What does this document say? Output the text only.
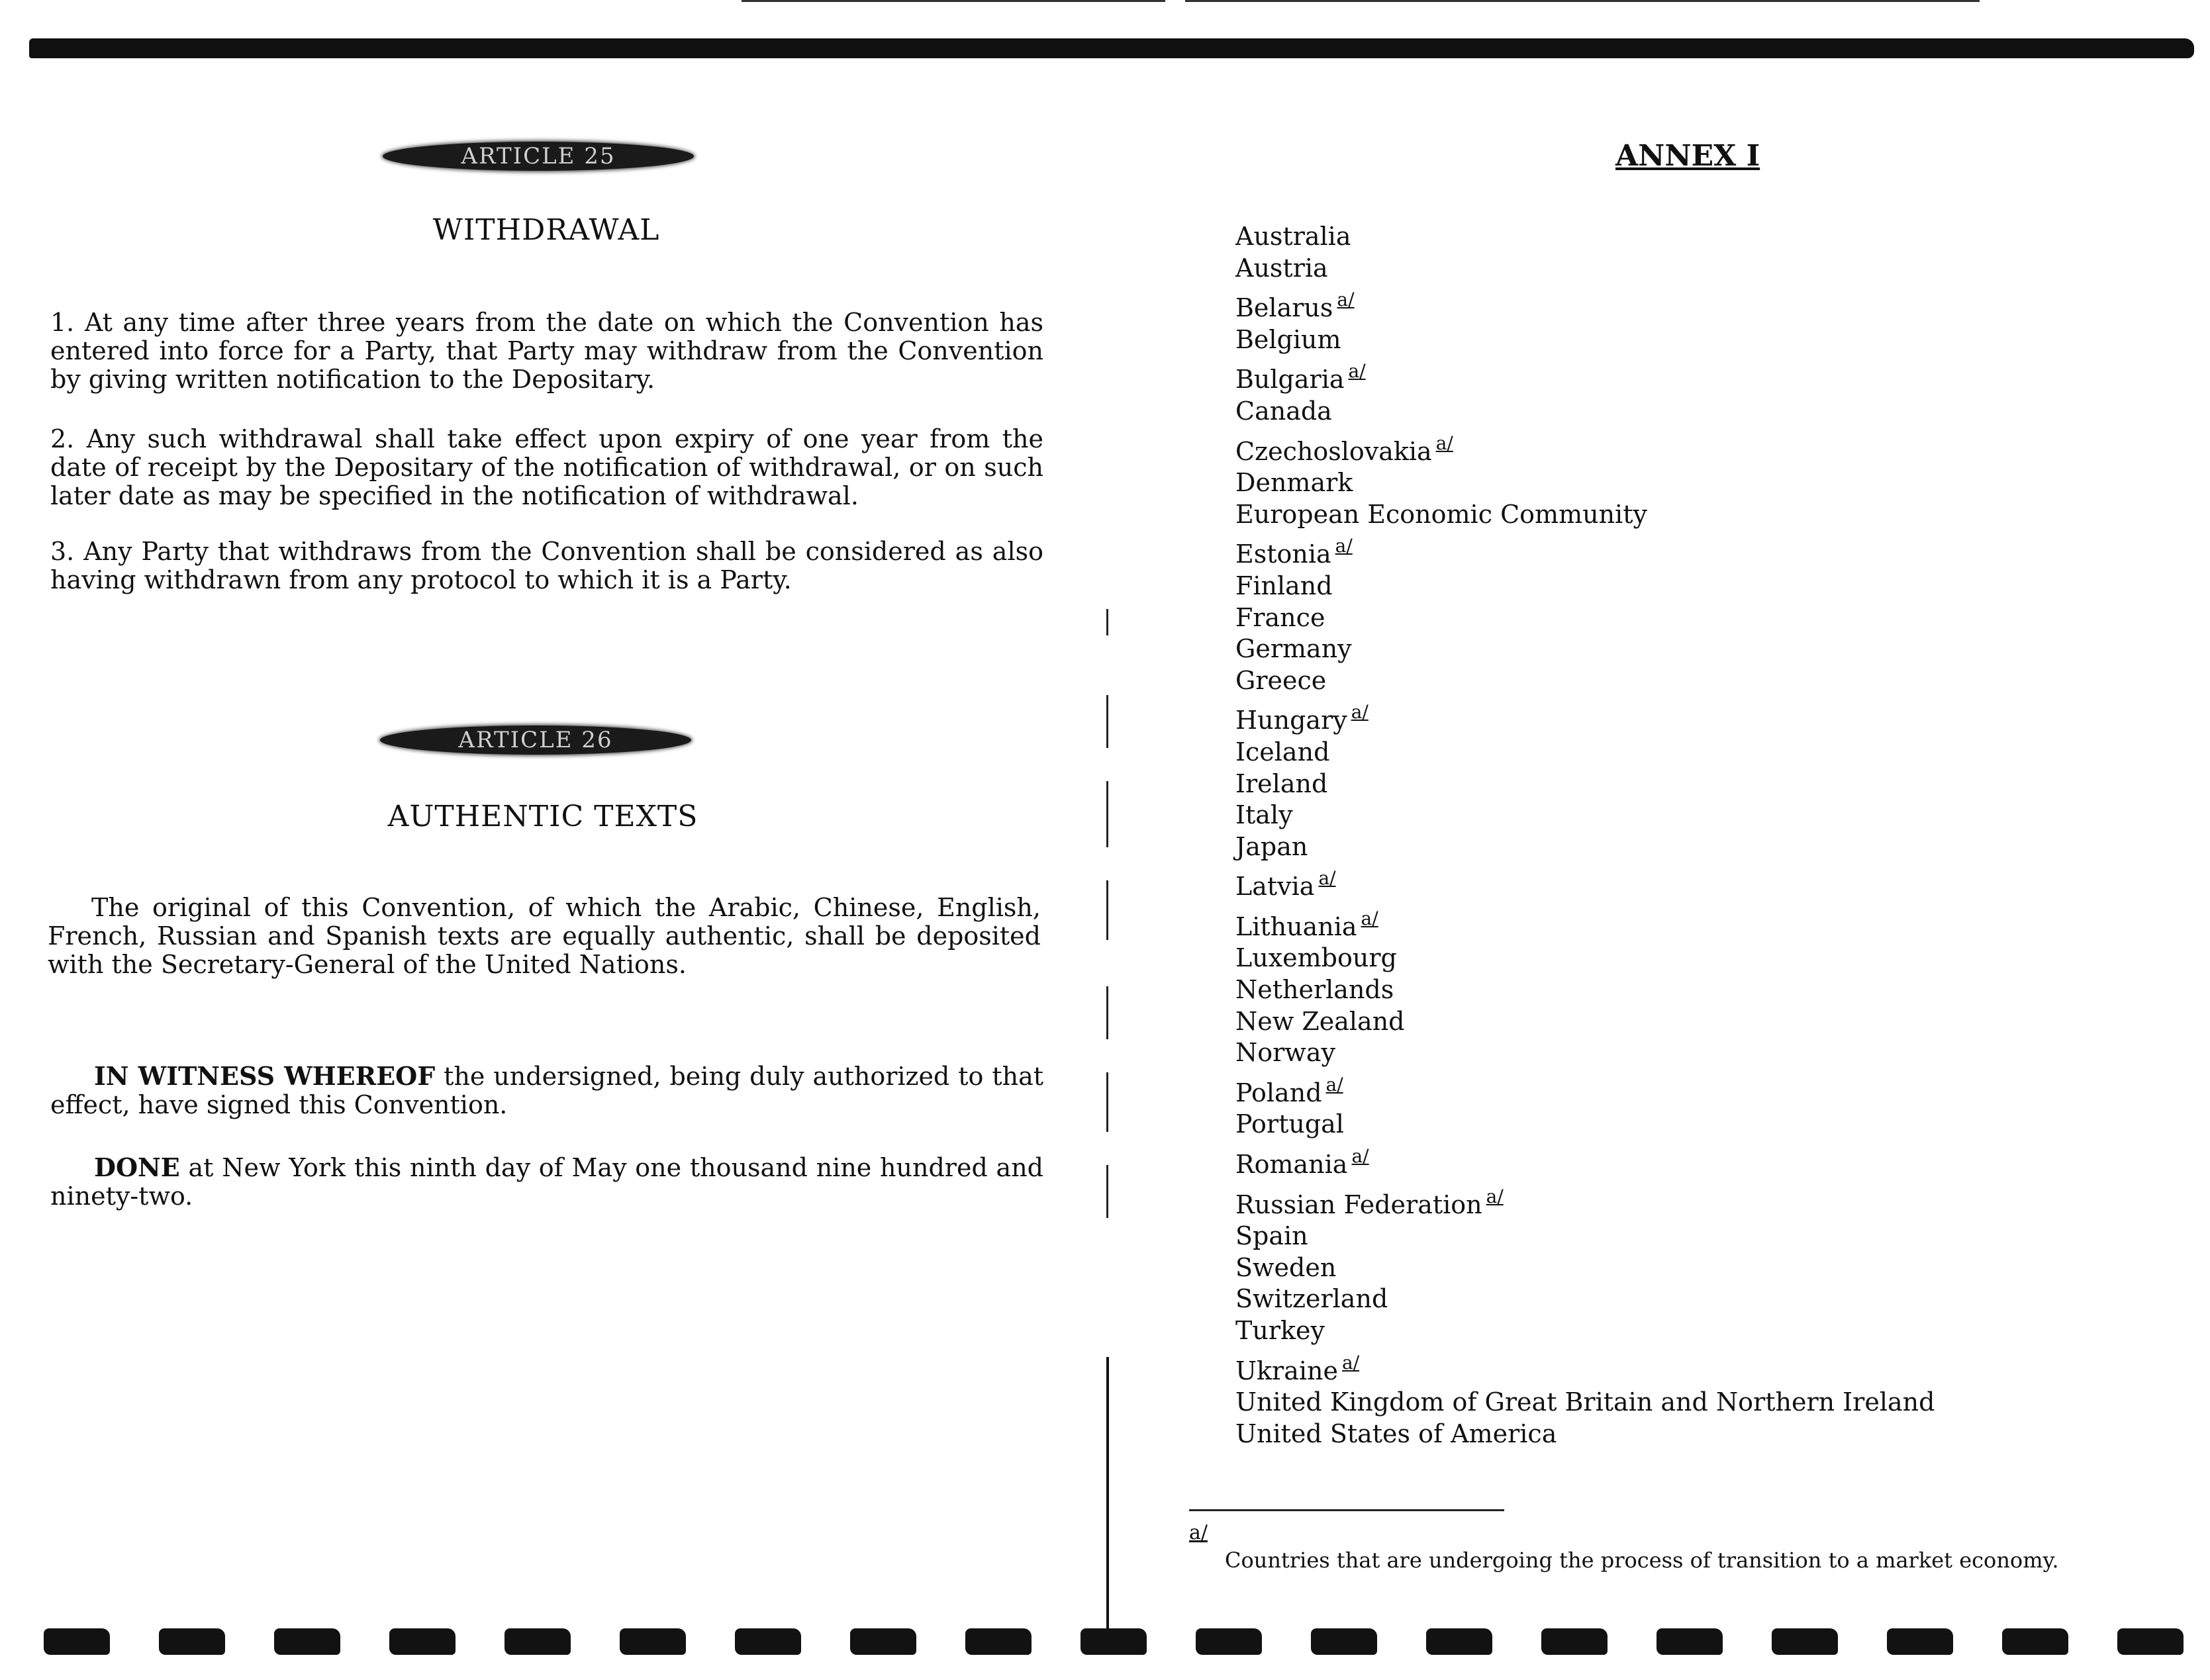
ARTICLE 25
WITHDRAWAL
1. At any time after three years from the date on which the Convention has entered into force for a Party, that Party may withdraw from the Convention by giving written notification to the Depositary.
2. Any such withdrawal shall take effect upon expiry of one year from the date of receipt by the Depositary of the notification of withdrawal, or on such later date as may be specified in the notification of withdrawal.
3. Any Party that withdraws from the Convention shall be considered as also having withdrawn from any protocol to which it is a Party.
The original of this Convention, of which the Arabic, Chinese, English, French, Russian and Spanish texts are equally authentic, shall be deposited with the Secretary-General of the United Nations.
IN WITNESS WHEREOF the undersigned, being duly authorized to that effect, have signed this Convention.
DONE at New York this ninth day of May one thousand nine hundred and ninety-two.
ARTICLE 26
AUTHENTIC TEXTS
ANNEX I
Australia
Austria
Belarus $^{a/}$
Belgium
Bulgaria $^{a/}$
Canada
Czechoslovakia $^{a/}$
Denmark
European Economic Community
Estonia $^{a/}$
Finland
France
Germany
Greece
Hungary $^{a/}$
Iceland
Ireland
Italy
Japan
Latvia $^{a/}$
Lithuania $^{a/}$
Luxembourg
Netherlands
New Zealand
Norway
Poland $^{a/}$
Portugal
Romania $^{a/}$
Russian Federation $^{a/}$
Spain
Sweden
Switzerland
Turkey
Ukraine $^{a/}$
United Kingdom of Great Britain and Northern Ireland
United States of America
a/
Countries that are undergoing the process of transition to a market economy.
